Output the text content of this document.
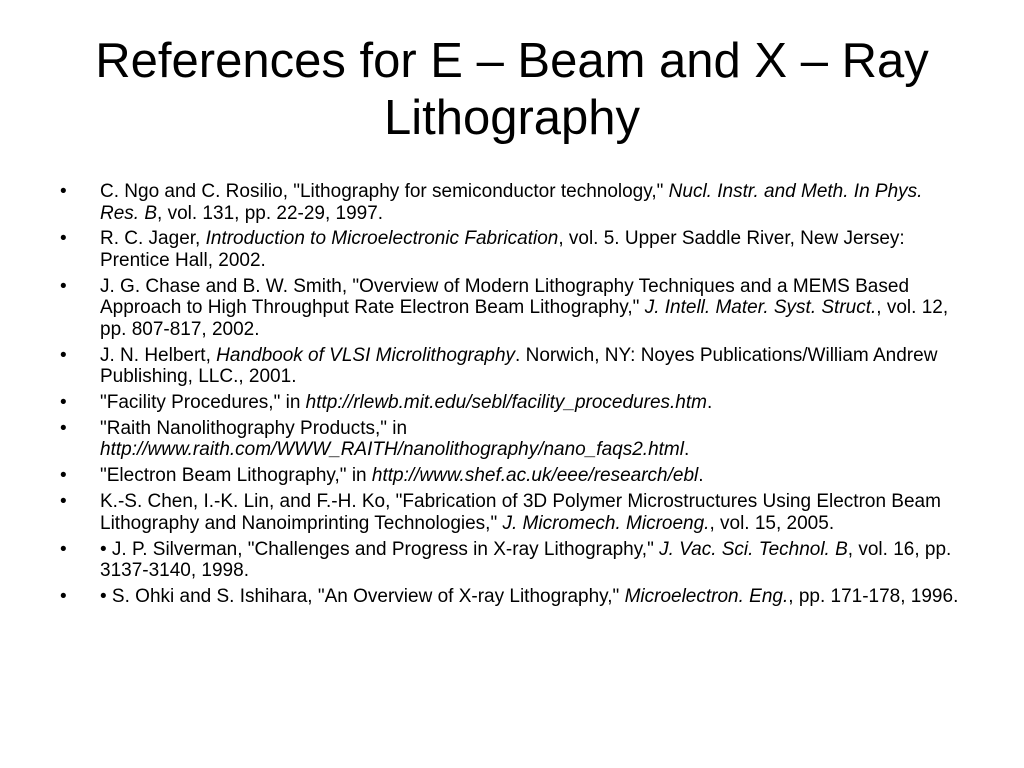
References for E – Beam and X – Ray Lithography
•	C. Ngo and C. Rosilio, "Lithography for semiconductor technology," Nucl. Instr. and Meth. In Phys. Res. B, vol. 131, pp. 22-29, 1997.
•	R. C. Jager, Introduction to Microelectronic Fabrication, vol. 5. Upper Saddle River, New Jersey: Prentice Hall, 2002.
•	J. G. Chase and B. W. Smith, "Overview of Modern Lithography Techniques and a MEMS Based Approach to High Throughput Rate Electron Beam Lithography," J. Intell. Mater. Syst. Struct., vol. 12, pp. 807-817, 2002.
•	J. N. Helbert, Handbook of VLSI Microlithography. Norwich, NY: Noyes Publications/William Andrew Publishing, LLC., 2001.
•	"Facility Procedures," in http://rlewb.mit.edu/sebl/facility_procedures.htm.
•	"Raith Nanolithography Products," in http://www.raith.com/WWW_RAITH/nanolithography/nano_faqs2.html.
•	"Electron Beam Lithography," in http://www.shef.ac.uk/eee/research/ebl.
•	K.-S. Chen, I.-K. Lin, and F.-H. Ko, "Fabrication of 3D Polymer Microstructures Using Electron Beam Lithography and Nanoimprinting Technologies," J. Micromech. Microeng., vol. 15, 2005.
•	• J. P. Silverman, "Challenges and Progress in X-ray Lithography," J. Vac. Sci. Technol. B, vol. 16, pp. 3137-3140, 1998.
•	• S. Ohki and S. Ishihara, "An Overview of X-ray Lithography," Microelectron. Eng., pp. 171-178, 1996.
